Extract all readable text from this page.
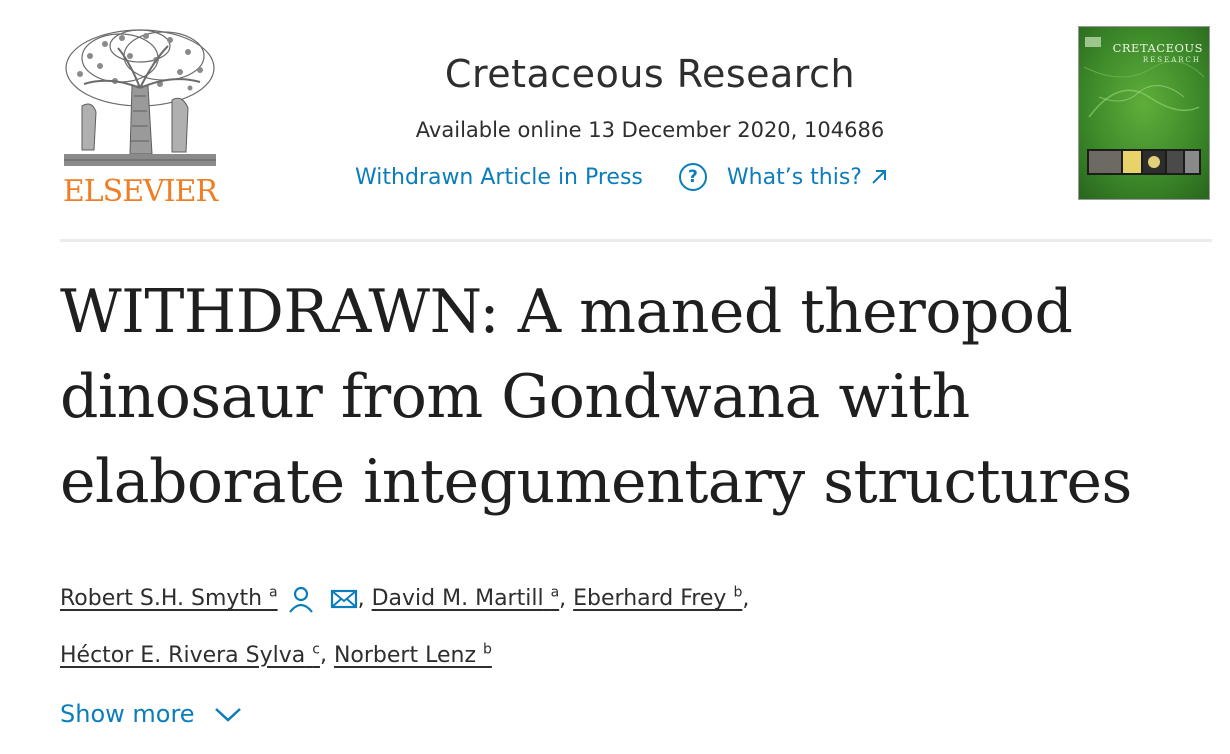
ELSEVIER
Cretaceous Research
Available online 13 December 2020, 104686
Withdrawn Article in Press	?	What’s this?
CRETACEOUS
RESEARCH
WITHDRAWN: A maned theropod
dinosaur from Gondwana with
elaborate integumentary structures
Robert S.H. Smyth $^a$	, David M. Martill $^a$, Eberhard Frey $^b$,
Héctor E. Rivera Sylva $^c$, Norbert Lenz $^b$
Show more
